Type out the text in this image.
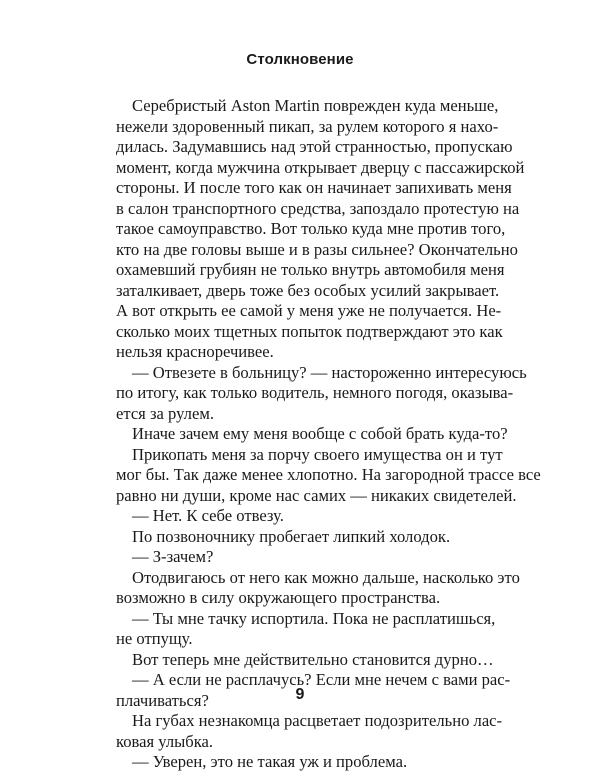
Столкновение
Серебристый Aston Martin поврежден куда меньше,
нежели здоровенный пикап, за рулем которого я нахо-
дилась. Задумавшись над этой странностью, пропускаю
момент, когда мужчина открывает дверцу с пассажирской
стороны. И после того как он начинает запихивать меня
в салон транспортного средства, запоздало протестую на
такое самоуправство. Вот только куда мне против того,
кто на две головы выше и в разы сильнее? Окончательно
охамевший грубиян не только внутрь автомобиля меня
заталкивает, дверь тоже без особых усилий закрывает.
А вот открыть ее самой у меня уже не получается. Не-
сколько моих тщетных попыток подтверждают это как
нельзя красноречивее.
— Отвезете в больницу? — настороженно интересуюсь
по итогу, как только водитель, немного погодя, оказыва-
ется за рулем.
Иначе зачем ему меня вообще с собой брать куда-то?
Прикопать меня за порчу своего имущества он и тут
мог бы. Так даже менее хлопотно. На загородной трассе все
равно ни души, кроме нас самих — никаких свидетелей.
— Нет. К себе отвезу.
По позвоночнику пробегает липкий холодок.
— З-зачем?
Отодвигаюсь от него как можно дальше, насколько это
возможно в силу окружающего пространства.
— Ты мне тачку испортила. Пока не расплатишься,
не отпущу.
Вот теперь мне действительно становится дурно…
— А если не расплачусь? Если мне нечем с вами рас-
плачиваться?
На губах незнакомца расцветает подозрительно лас-
ковая улыбка.
— Уверен, это не такая уж и проблема.
9
